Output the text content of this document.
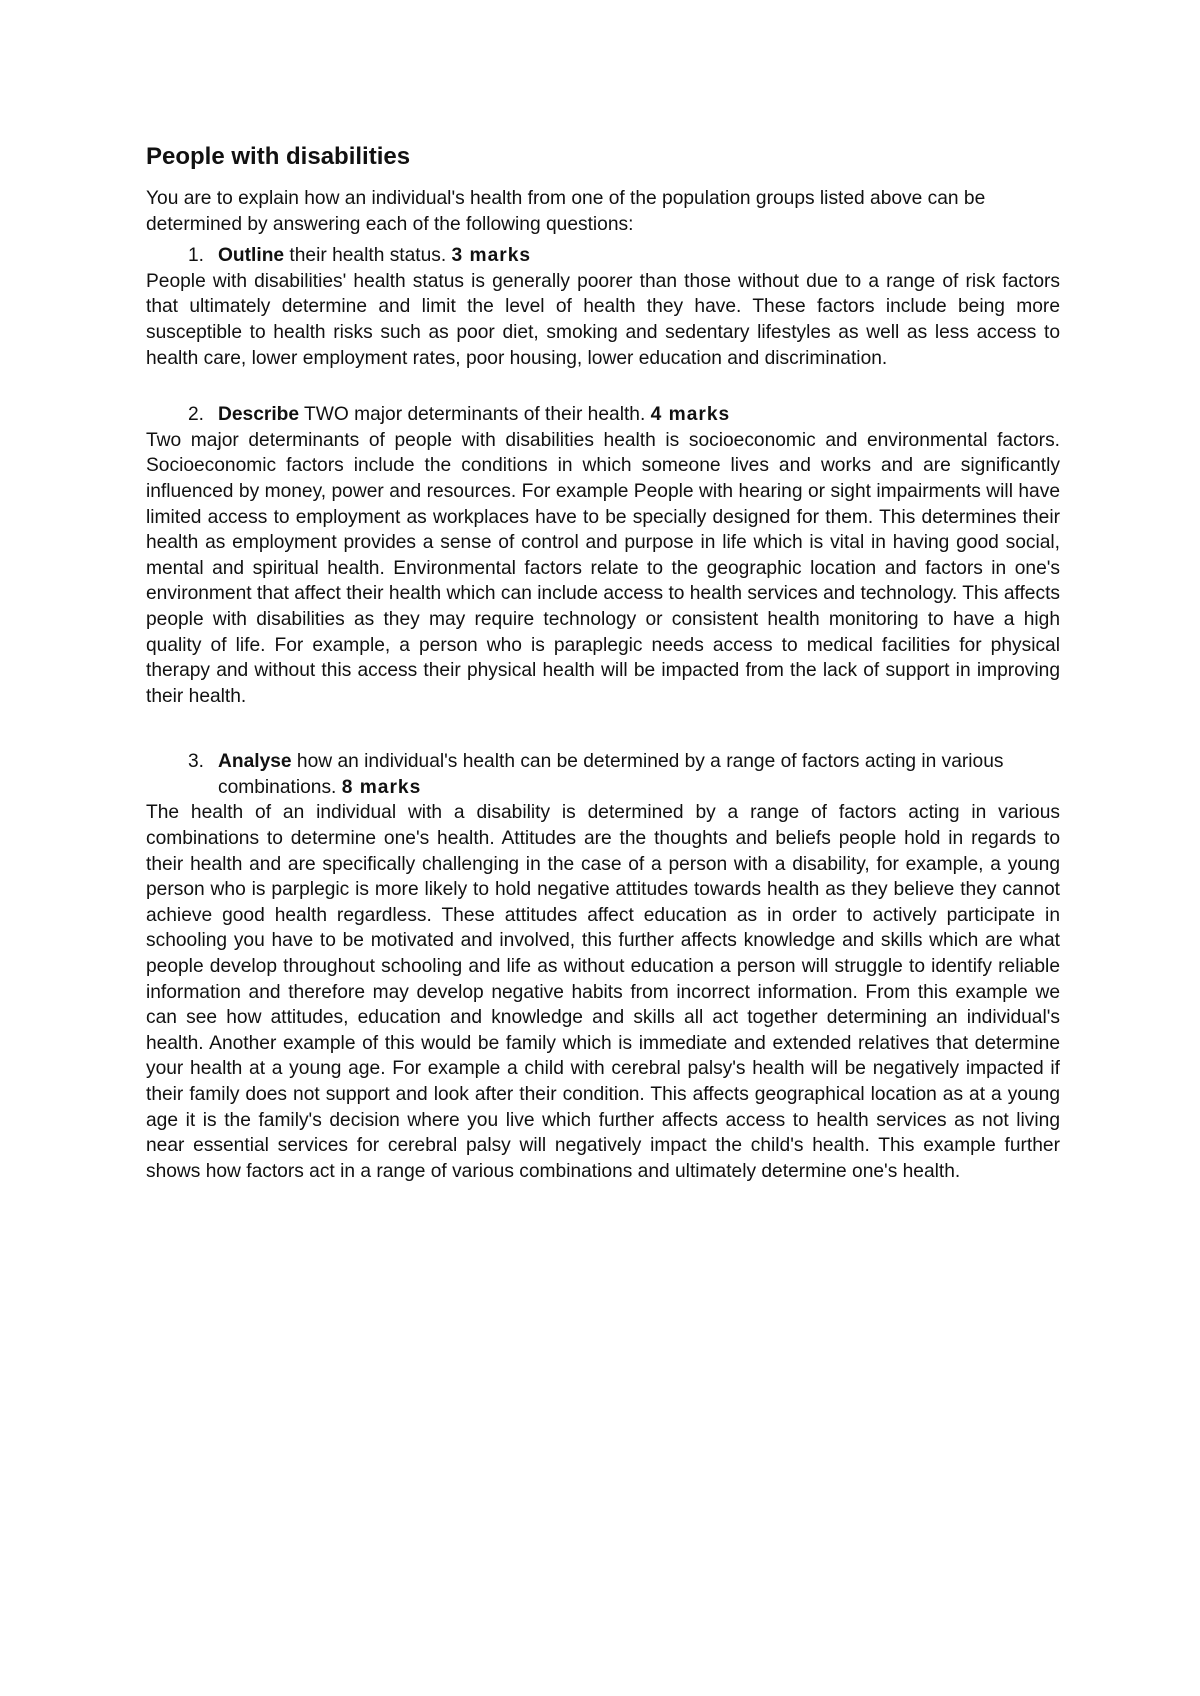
People with disabilities

You are to explain how an individual's health from one of the population groups listed above can be determined by answering each of the following questions:

1. Outline their health status. 3 marks

People with disabilities' health status is generally poorer than those without due to a range of risk factors that ultimately determine and limit the level of health they have. These factors include being more susceptible to health risks such as poor diet, smoking and sedentary lifestyles as well as less access to health care, lower employment rates, poor housing, lower education and discrimination.

2. Describe TWO major determinants of their health. 4 marks

Two major determinants of people with disabilities health is socioeconomic and environmental factors. Socioeconomic factors include the conditions in which someone lives and works and are significantly influenced by money, power and resources. For example People with hearing or sight impairments will have limited access to employment as workplaces have to be specially designed for them. This determines their health as employment provides a sense of control and purpose in life which is vital in having good social, mental and spiritual health. Environmental factors relate to the geographic location and factors in one's environment that affect their health which can include access to health services and technology. This affects people with disabilities as they may require technology or consistent health monitoring to have a high quality of life. For example, a person who is paraplegic needs access to medical facilities for physical therapy and without this access their physical health will be impacted from the lack of support in improving their health.

3. Analyse how an individual's health can be determined by a range of factors acting in various combinations. 8 marks

The health of an individual with a disability is determined by a range of factors acting in various combinations to determine one's health. Attitudes are the thoughts and beliefs people hold in regards to their health and are specifically challenging in the case of a person with a disability, for example, a young person who is parplegic is more likely to hold negative attitudes towards health as they believe they cannot achieve good health regardless. These attitudes affect education as in order to actively participate in schooling you have to be motivated and involved, this further affects knowledge and skills which are what people develop throughout schooling and life as without education a person will struggle to identify reliable information and therefore may develop negative habits from incorrect information. From this example we can see how attitudes, education and knowledge and skills all act together determining an individual's health. Another example of this would be family which is immediate and extended relatives that determine your health at a young age. For example a child with cerebral palsy's health will be negatively impacted if their family does not support and look after their condition. This affects geographical location as at a young age it is the family's decision where you live which further affects access to health services as not living near essential services for cerebral palsy will negatively impact the child's health. This example further shows how factors act in a range of various combinations and ultimately determine one's health.
